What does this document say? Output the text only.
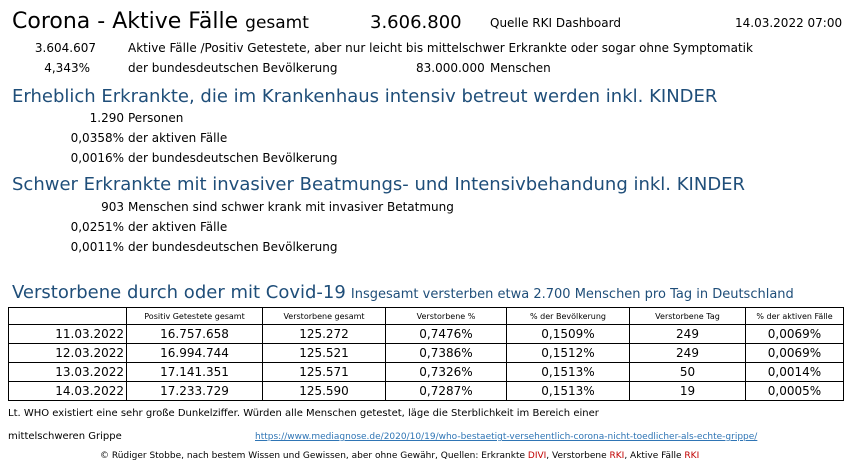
Corona - Aktive Fälle gesamt	3.606.800 Quelle RKI Dashboard	14.03.2022 07:00
3.604.607	Aktive Fälle /Positiv Getestete, aber nur leicht bis mittelschwer Erkrankte oder sogar ohne Symptomatik
4,343%	der bundesdeutschen Bevölkerung	83.000.000 Menschen
Erheblich Erkrankte, die im Krankenhaus intensiv betreut werden inkl. KINDER
1.290 Personen
0,0358% der aktiven Fälle
0,0016% der bundesdeutschen Bevölkerung
Schwer Erkrankte mit invasiver Beatmungs- und Intensivbehandung inkl. KINDER
903 Menschen sind schwer krank mit invasiver Betatmung
0,0251% der aktiven Fälle
0,0011% der bundesdeutschen Bevölkerung
Verstorbene durch oder mit Covid-19 Insgesamt versterben etwa 2.700 Menschen pro Tag in Deutschland
	Positiv Getestete gesamt	Verstorbene gesamt	Verstorbene %	% der Bevölkerung	Verstorbene Tag	% der aktiven Fälle
11.03.2022	16.757.658	125.272	0,7476%	0,1509%	249	0,0069%
12.03.2022	16.994.744	125.521	0,7386%	0,1512%	249	0,0069%
13.03.2022	17.141.351	125.571	0,7326%	0,1513%	50	0,0014%
14.03.2022	17.233.729	125.590	0,7287%	0,1513%	19	0,0005%
Lt. WHO existiert eine sehr große Dunkelziffer. Würden alle Menschen getestet, läge die Sterblichkeit im Bereich einer
mittelschweren Grippe	https://www.mediagnose.de/2020/10/19/who-bestaetigt-versehentlich-corona-nicht-toedlicher-als-echte-grippe/
© Rüdiger Stobbe, nach bestem Wissen und Gewissen, aber ohne Gewähr, Quellen: Erkrankte DIVI, Verstorbene RKI, Aktive Fälle RKI
